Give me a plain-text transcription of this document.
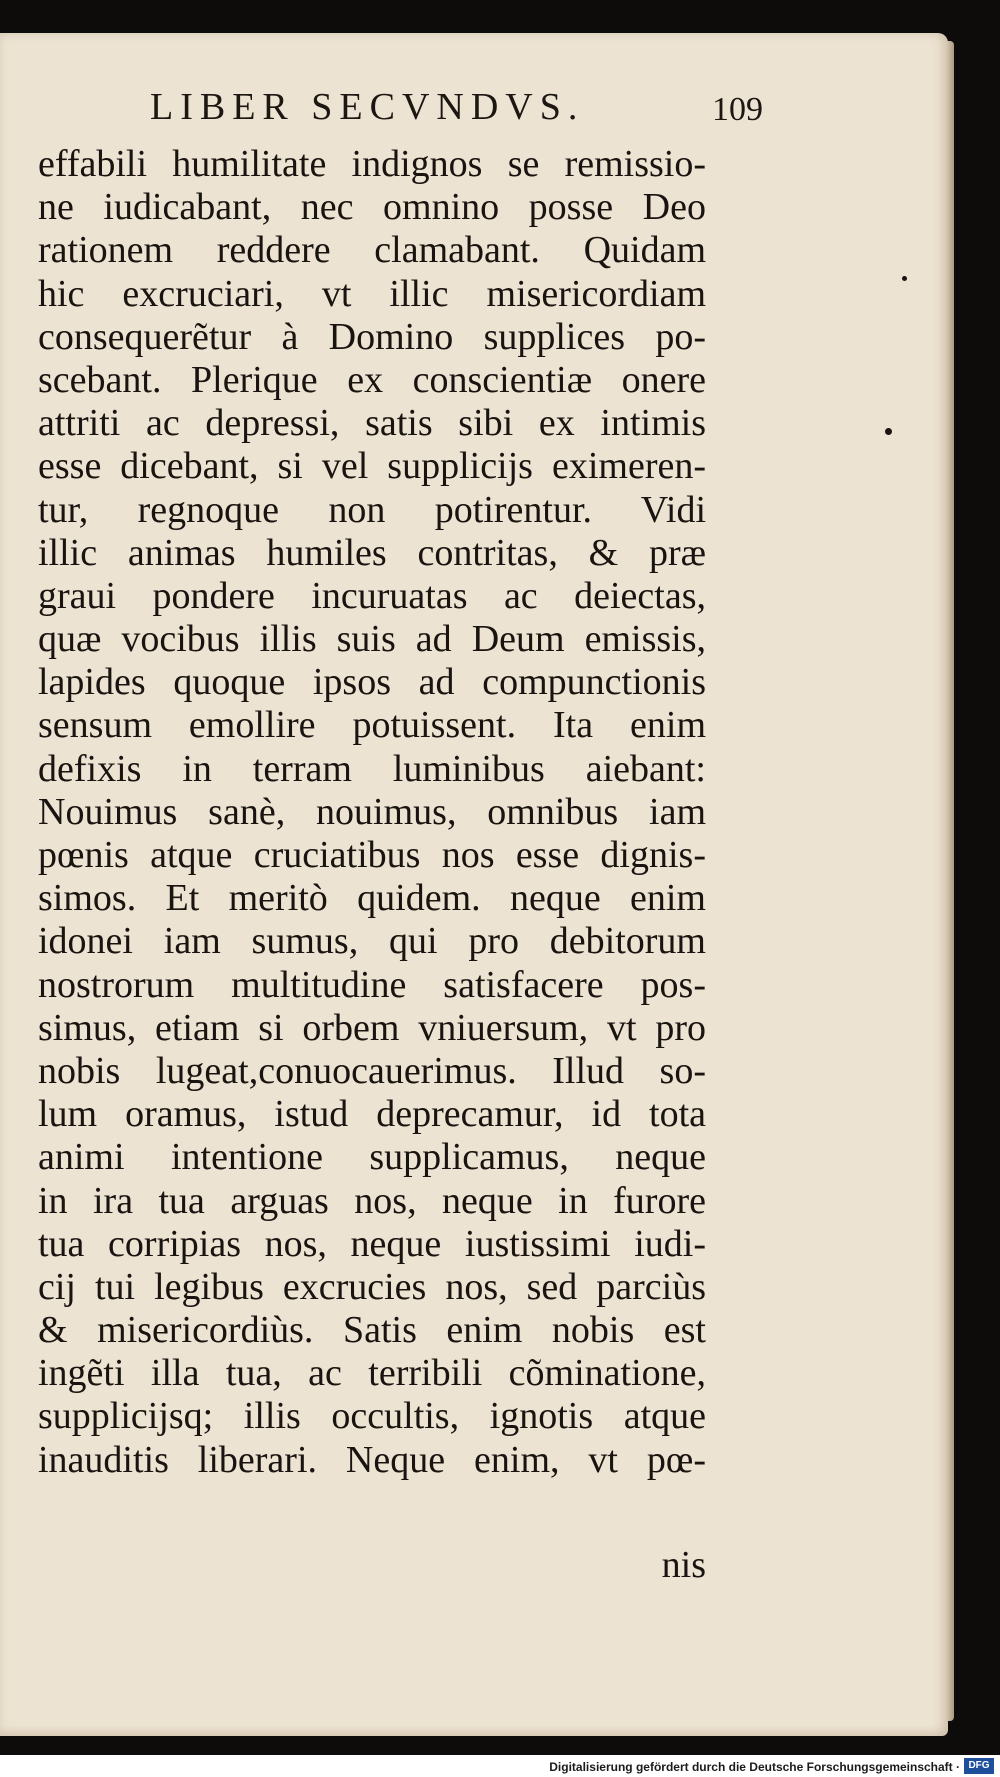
LIBER SECVNDVS.	109
effabili humilitate indignos se remissio-
ne iudicabant, nec omnino posse Deo
rationem reddere clamabant. Quidam
hic excruciari, vt illic misericordiam
consequerẽtur à Domino supplices po-
scebant. Plerique ex conscientiæ onere
attriti ac depressi, satis sibi ex intimis
esse dicebant, si vel supplicijs eximeren-
tur, regnoque non potirentur. Vidi
illic animas humiles contritas, & præ
graui pondere incuruatas ac deiectas,
quæ vocibus illis suis ad Deum emissis,
lapides quoque ipsos ad compunctionis
sensum emollire potuissent. Ita enim
defixis in terram luminibus aiebant:
Nouimus sanè, nouimus, omnibus iam
pœnis atque cruciatibus nos esse dignis-
simos. Et meritò quidem. neque enim
idonei iam sumus, qui pro debitorum
nostrorum multitudine satisfacere pos-
simus, etiam si orbem vniuersum, vt pro
nobis lugeat,conuocauerimus. Illud so-
lum oramus, istud deprecamur, id tota
animi intentione supplicamus, neque
in ira tua arguas nos, neque in furore
tua corripias nos, neque iustissimi iudi-
cij tui legibus excrucies nos, sed parciùs
& misericordiùs. Satis enim nobis est
ingẽti illa tua, ac terribili cõminatione,
supplicijsq; illis occultis, ignotis atque
inauditis liberari. Neque enim, vt pœ-
nis
Digitalisierung gefördert durch die Deutsche Forschungsgemeinschaft · DFG
